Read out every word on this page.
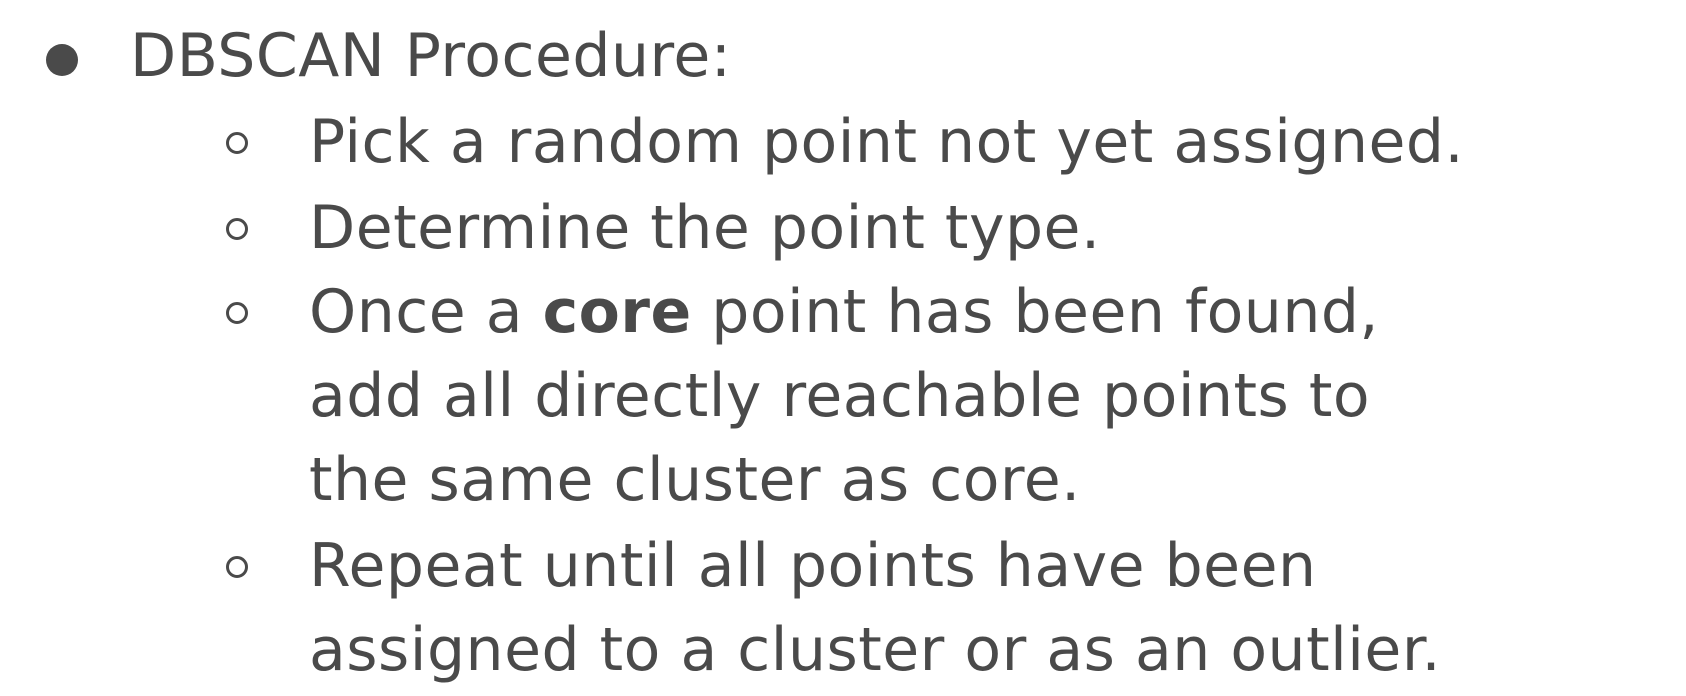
DBSCAN Procedure:
Pick a random point not yet assigned.
Determine the point type.
Once a core point has been found,
add all directly reachable points to
the same cluster as core.
Repeat until all points have been
assigned to a cluster or as an outlier.
